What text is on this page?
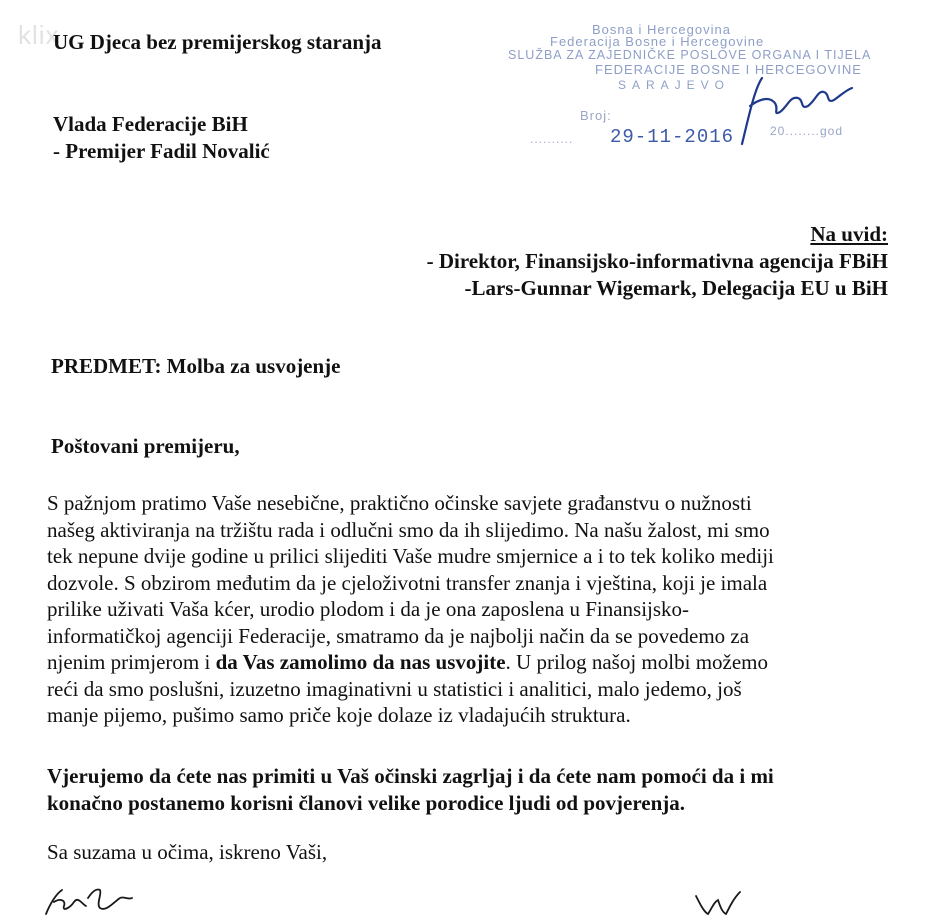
klix
UG Djeca bez premijerskog staranja
Bosna i Hercegovina
Federacija Bosne i Hercegovine
SLUŽBA ZA ZAJEDNIČKE POSLOVE ORGANA I TIJELA
FEDERACIJE BOSNE I HERCEGOVINE
SARAJEVO
Broj:
.......... 29-11-2016	20.........
god
Vlada Federacije BiH
- Premijer Fadil Novalić
Na uvid:
- Direktor, Finansijsko-informativna agencija FBiH
-Lars-Gunnar Wigemark, Delegacija EU u BiH
PREDMET: Molba za usvojenje
Poštovani premijeru,
S pažnjom pratimo Vaše nesebične, praktično očinske savjete građanstvu o nužnosti
našeg aktiviranja na tržištu rada i odlučni smo da ih slijedimo. Na našu žalost, mi smo
tek nepune dvije godine u prilici slijediti Vaše mudre smjernice a i to tek koliko mediji
dozvole. S obzirom međutim da je cjeloživotni transfer znanja i vještina, koji je imala
prilike uživati Vaša kćer, urodio plodom i da je ona zaposlena u Finansijsko-
informatičkoj agenciji Federacije, smatramo da je najbolji način da se povedemo za
njenim primjerom i da Vas zamolimo da nas usvojite. U prilog našoj molbi možemo
reći da smo poslušni, izuzetno imaginativni u statistici i analitici, malo jedemo, još
manje pijemo, pušimo samo priče koje dolaze iz vladajućih struktura.
Vjerujemo da ćete nas primiti u Vaš očinski zagrljaj i da ćete nam pomoći da i mi
konačno postanemo korisni članovi velike porodice ljudi od povjerenja.
Sa suzama u očima, iskreno Vaši,
